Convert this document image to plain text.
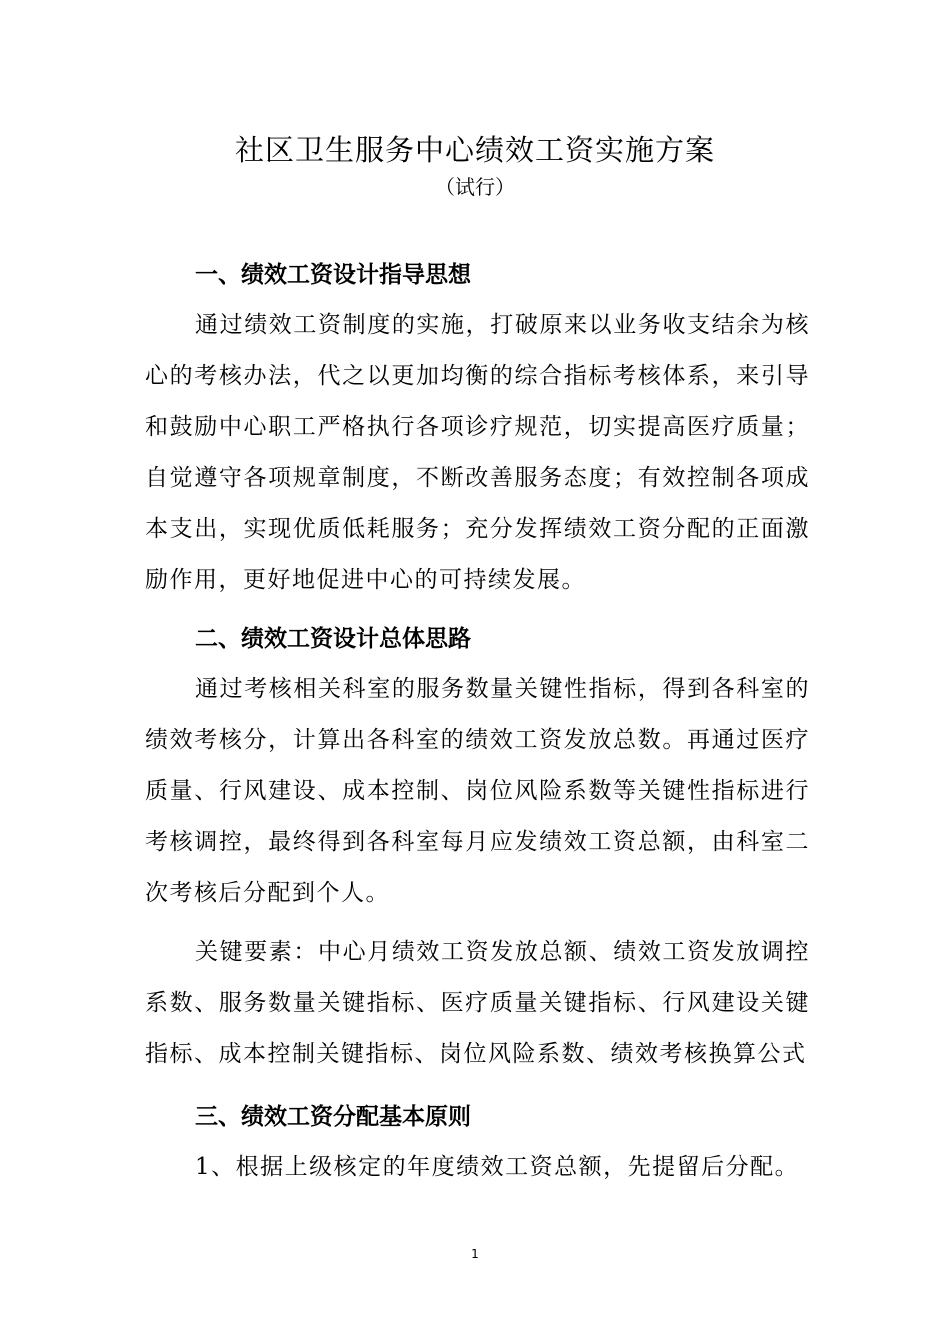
社区卫生服务中心绩效工资实施方案
（试行）
一、绩效工资设计指导思想

通过绩效工资制度的实施，打破原来以业务收支结余为核心的考核办法，代之以更加均衡的综合指标考核体系，来引导和鼓励中心职工严格执行各项诊疗规范，切实提高医疗质量；自觉遵守各项规章制度，不断改善服务态度；有效控制各项成本支出，实现优质低耗服务；充分发挥绩效工资分配的正面激励作用，更好地促进中心的可持续发展。

二、绩效工资设计总体思路

通过考核相关科室的服务数量关键性指标，得到各科室的绩效考核分，计算出各科室的绩效工资发放总数。再通过医疗质量、行风建设、成本控制、岗位风险系数等关键性指标进行考核调控，最终得到各科室每月应发绩效工资总额，由科室二次考核后分配到个人。

关键要素：中心月绩效工资发放总额、绩效工资发放调控系数、服务数量关键指标、医疗质量关键指标、行风建设关键指标、成本控制关键指标、岗位风险系数、绩效考核换算公式

三、绩效工资分配基本原则

1、根据上级核定的年度绩效工资总额，先提留后分配。

1
